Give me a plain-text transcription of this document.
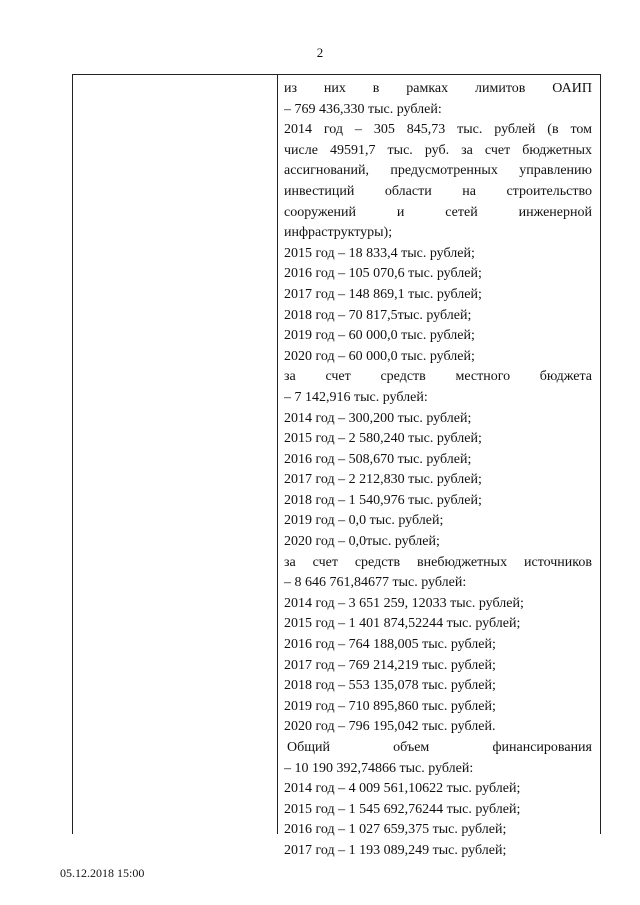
2
из них в рамках лимитов ОАИП
– 769 436,330 тыс. рублей:
2014 год – 305 845,73 тыс. рублей (в том
числе 49591,7 тыс. руб. за счет бюджетных
ассигнований, предусмотренных управлению
инвестиций области на строительство
сооружений и сетей инженерной
инфраструктуры);
2015 год – 18 833,4 тыс. рублей;
2016 год – 105 070,6 тыс. рублей;
2017 год – 148 869,1 тыс. рублей;
2018 год – 70 817,5тыс. рублей;
2019 год – 60 000,0 тыс. рублей;
2020 год – 60 000,0 тыс. рублей;
за счет средств местного бюджета
– 7 142,916 тыс. рублей:
2014 год – 300,200 тыс. рублей;
2015 год – 2 580,240 тыс. рублей;
2016 год – 508,670 тыс. рублей;
2017 год – 2 212,830 тыс. рублей;
2018 год – 1 540,976 тыс. рублей;
2019 год – 0,0 тыс. рублей;
2020 год – 0,0тыс. рублей;
за счет средств внебюджетных источников
– 8 646 761,84677 тыс. рублей:
2014 год – 3 651 259, 12033 тыс. рублей;
2015 год – 1 401 874,52244 тыс. рублей;
2016 год – 764 188,005 тыс. рублей;
2017 год – 769 214,219 тыс. рублей;
2018 год – 553 135,078 тыс. рублей;
2019 год – 710 895,860 тыс. рублей;
2020 год – 796 195,042 тыс. рублей.
Общий объем финансирования
– 10 190 392,74866 тыс. рублей:
2014 год – 4 009 561,10622 тыс. рублей;
2015 год – 1 545 692,76244 тыс. рублей;
2016 год – 1 027 659,375 тыс. рублей;
2017 год – 1 193 089,249 тыс. рублей;
05.12.2018 15:00
